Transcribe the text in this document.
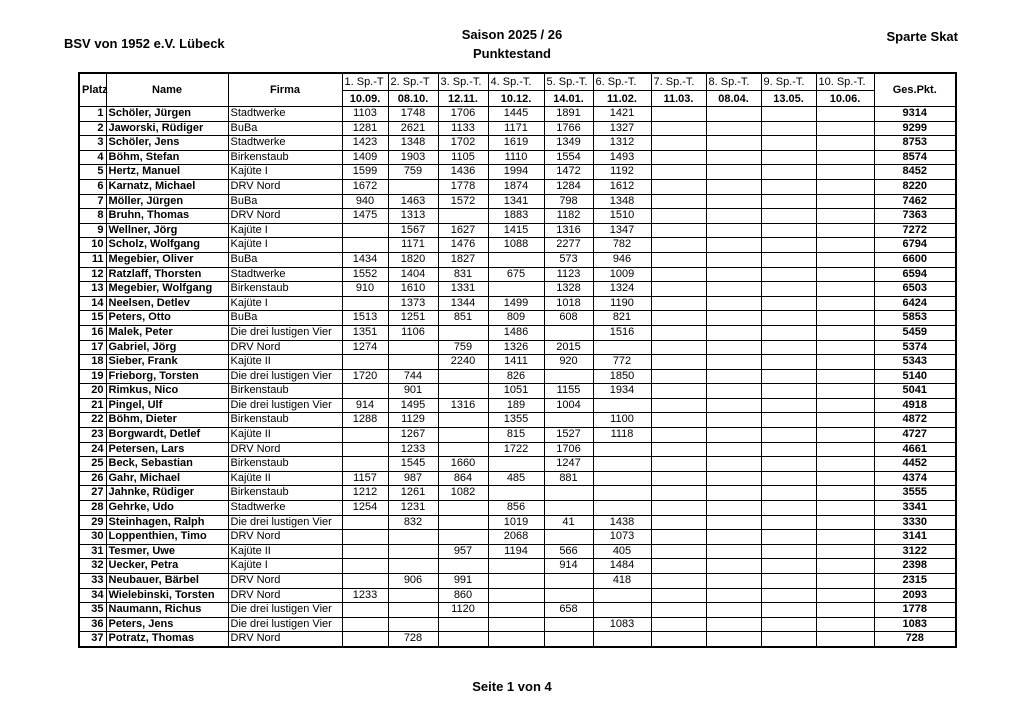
BSV von 1952 e.V. Lübeck
Saison 2025 / 26
Punktestand
Sparte Skat
Platz	Name	Firma	1. Sp.-T	2. Sp.-T	3. Sp.-T.	4. Sp.-T.	5. Sp.-T.	6. Sp.-T.	7. Sp.-T.	8. Sp.-T.	9. Sp.-T.	10. Sp.-T.	Ges.Pkt.
			10.09.	08.10.	12.11.	10.12.	14.01.	11.02.	11.03.	08.04.	13.05.	10.06.	
1	Schöler, Jürgen	Stadtwerke	1103	1748	1706	1445	1891	1421					9314
2	Jaworski, Rüdiger	BuBa	1281	2621	1133	1171	1766	1327					9299
3	Schöler, Jens	Stadtwerke	1423	1348	1702	1619	1349	1312					8753
4	Böhm, Stefan	Birkenstaub	1409	1903	1105	1110	1554	1493					8574
5	Hertz, Manuel	Kajüte I	1599	759	1436	1994	1472	1192					8452
6	Karnatz, Michael	DRV Nord	1672		1778	1874	1284	1612					8220
7	Möller, Jürgen	BuBa	940	1463	1572	1341	798	1348					7462
8	Bruhn, Thomas	DRV Nord	1475	1313		1883	1182	1510					7363
9	Wellner, Jörg	Kajüte I		1567	1627	1415	1316	1347					7272
10	Scholz, Wolfgang	Kajüte I		1171	1476	1088	2277	782					6794
11	Megebier, Oliver	BuBa	1434	1820	1827		573	946					6600
12	Ratzlaff, Thorsten	Stadtwerke	1552	1404	831	675	1123	1009					6594
13	Megebier, Wolfgang	Birkenstaub	910	1610	1331		1328	1324					6503
14	Neelsen, Detlev	Kajüte I		1373	1344	1499	1018	1190					6424
15	Peters, Otto	BuBa	1513	1251	851	809	608	821					5853
16	Malek, Peter	Die drei lustigen Vier	1351	1106		1486		1516					5459
17	Gabriel, Jörg	DRV Nord	1274		759	1326	2015						5374
18	Sieber, Frank	Kajüte II			2240	1411	920	772					5343
19	Frieborg, Torsten	Die drei lustigen Vier	1720	744		826		1850					5140
20	Rimkus, Nico	Birkenstaub		901		1051	1155	1934					5041
21	Pingel, Ulf	Die drei lustigen Vier	914	1495	1316	189	1004						4918
22	Böhm, Dieter	Birkenstaub	1288	1129		1355		1100					4872
23	Borgwardt, Detlef	Kajüte II		1267		815	1527	1118					4727
24	Petersen, Lars	DRV Nord		1233		1722	1706						4661
25	Beck, Sebastian	Birkenstaub		1545	1660		1247						4452
26	Gahr, Michael	Kajüte II	1157	987	864	485	881						4374
27	Jahnke, Rüdiger	Birkenstaub	1212	1261	1082								3555
28	Gehrke, Udo	Stadtwerke	1254	1231		856							3341
29	Steinhagen, Ralph	Die drei lustigen Vier		832		1019	41	1438					3330
30	Loppenthien, Timo	DRV Nord				2068		1073					3141
31	Tesmer, Uwe	Kajüte II			957	1194	566	405					3122
32	Uecker, Petra	Kajüte I					914	1484					2398
33	Neubauer, Bärbel	DRV Nord		906	991			418					2315
34	Wielebinski, Torsten	DRV Nord	1233		860								2093
35	Naumann, Richus	Die drei lustigen Vier			1120		658						1778
36	Peters, Jens	Die drei lustigen Vier						1083					1083
37	Potratz, Thomas	DRV Nord		728									728
Seite 1 von 4
